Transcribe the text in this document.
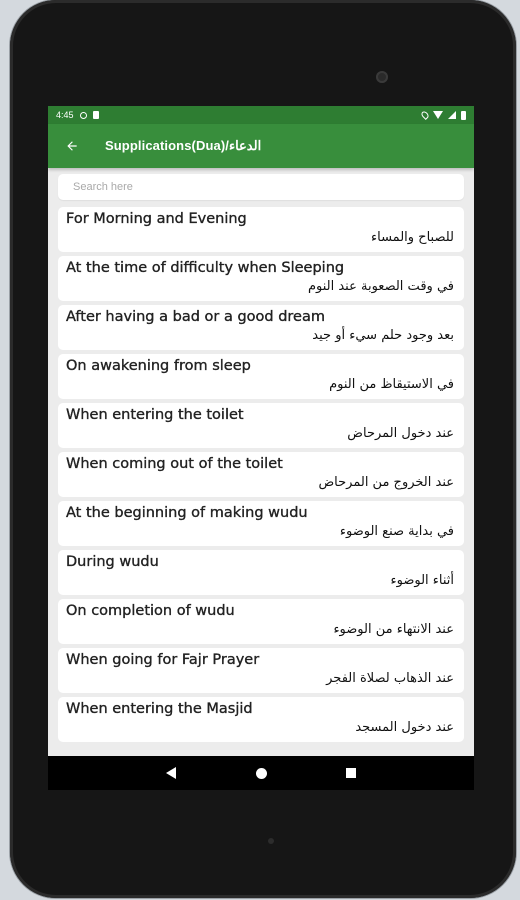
4:45
Supplications(Dua)/الدعاء
Search here
For Morning and Evening
للصباح والمساء
At the time of difficulty when Sleeping
في وقت الصعوبة عند النوم
After having a bad or a good dream
بعد وجود حلم سيء أو جيد
On awakening from sleep
في الاستيقاظ من النوم
When entering the toilet
عند دخول المرحاض
When coming out of the toilet
عند الخروج من المرحاض
At the beginning of making wudu
في بداية صنع الوضوء
During wudu
أثناء الوضوء
On completion of wudu
عند الانتهاء من الوضوء
When going for Fajr Prayer
عند الذهاب لصلاة الفجر
When entering the Masjid
عند دخول المسجد
